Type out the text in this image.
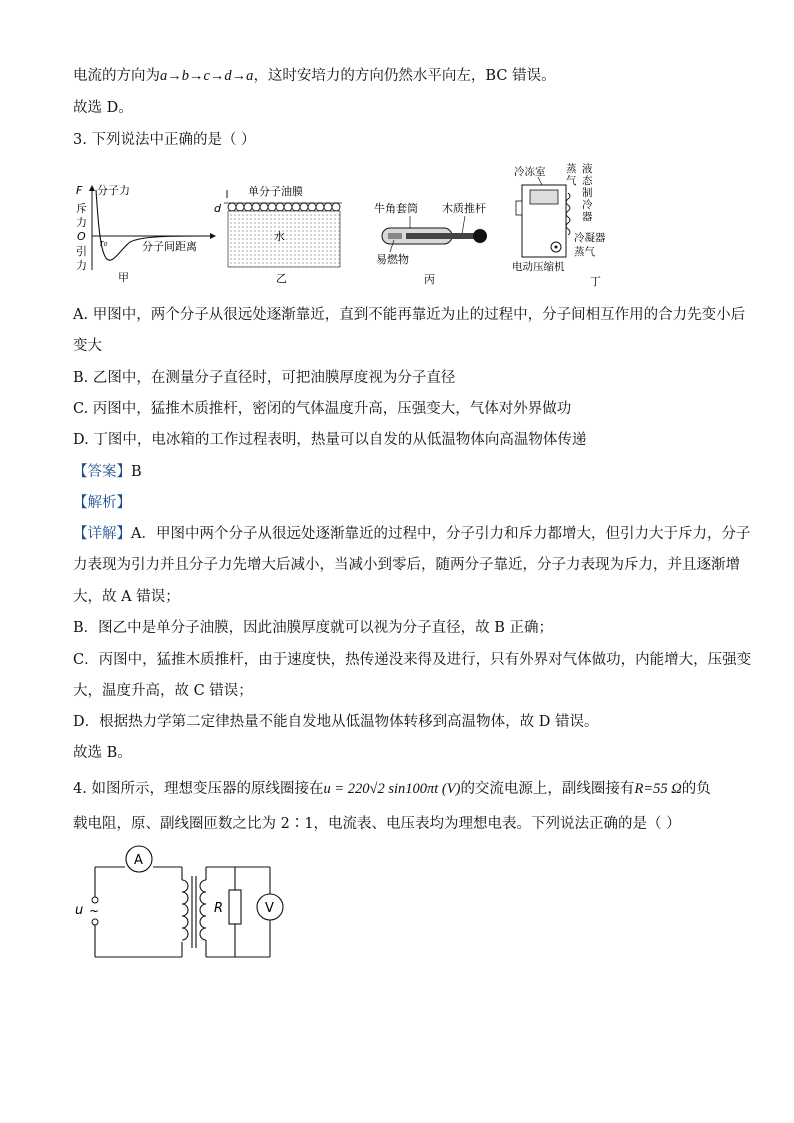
电流的方向为a→b→c→d→a，这时安培力的方向仍然水平向左，BC 错误。
故选 D。
3. 下列说法中正确的是（ ）
F 分子力
斥
力
O
引
力
r₀	分子间距离
甲
d
单分子油膜
水
乙
牛角套筒 木质推杆
易燃物
丙
冷冻室 蒸
气
液
态
制
冷
器
冷凝器
蒸气
电动压缩机
丁
A. 甲图中，两个分子从很远处逐渐靠近，直到不能再靠近为止的过程中，分子间相互作用的合力先变小后
变大
B. 乙图中，在测量分子直径时，可把油膜厚度视为分子直径
C. 丙图中，猛推木质推杆，密闭的气体温度升高，压强变大，气体对外界做功
D. 丁图中，电冰箱的工作过程表明，热量可以自发的从低温物体向高温物体传递
【答案】B
【解析】
【详解】A．甲图中两个分子从很远处逐渐靠近的过程中，分子引力和斥力都增大，但引力大于斥力，分子
力表现为引力并且分子力先增大后减小，当减小到零后，随两分子靠近，分子力表现为斥力，并且逐渐增
大，故 A 错误；
B．图乙中是单分子油膜，因此油膜厚度就可以视为分子直径，故 B 正确；
C．丙图中，猛推木质推杆，由于速度快，热传递没来得及进行，只有外界对气体做功，内能增大，压强变
大，温度升高，故 C 错误；
D．根据热力学第二定律热量不能自发地从低温物体转移到高温物体，故 D 错误。
故选 B。
4. 如图所示，理想变压器的原线圈接在u = 220√2 sin100πt (V)的交流电源上，副线圈接有R=55 Ω的负
载电阻，原、副线圈匝数之比为 2∶1，电流表、电压表均为理想电表。下列说法正确的是（ ）
A
u ~	R	V
